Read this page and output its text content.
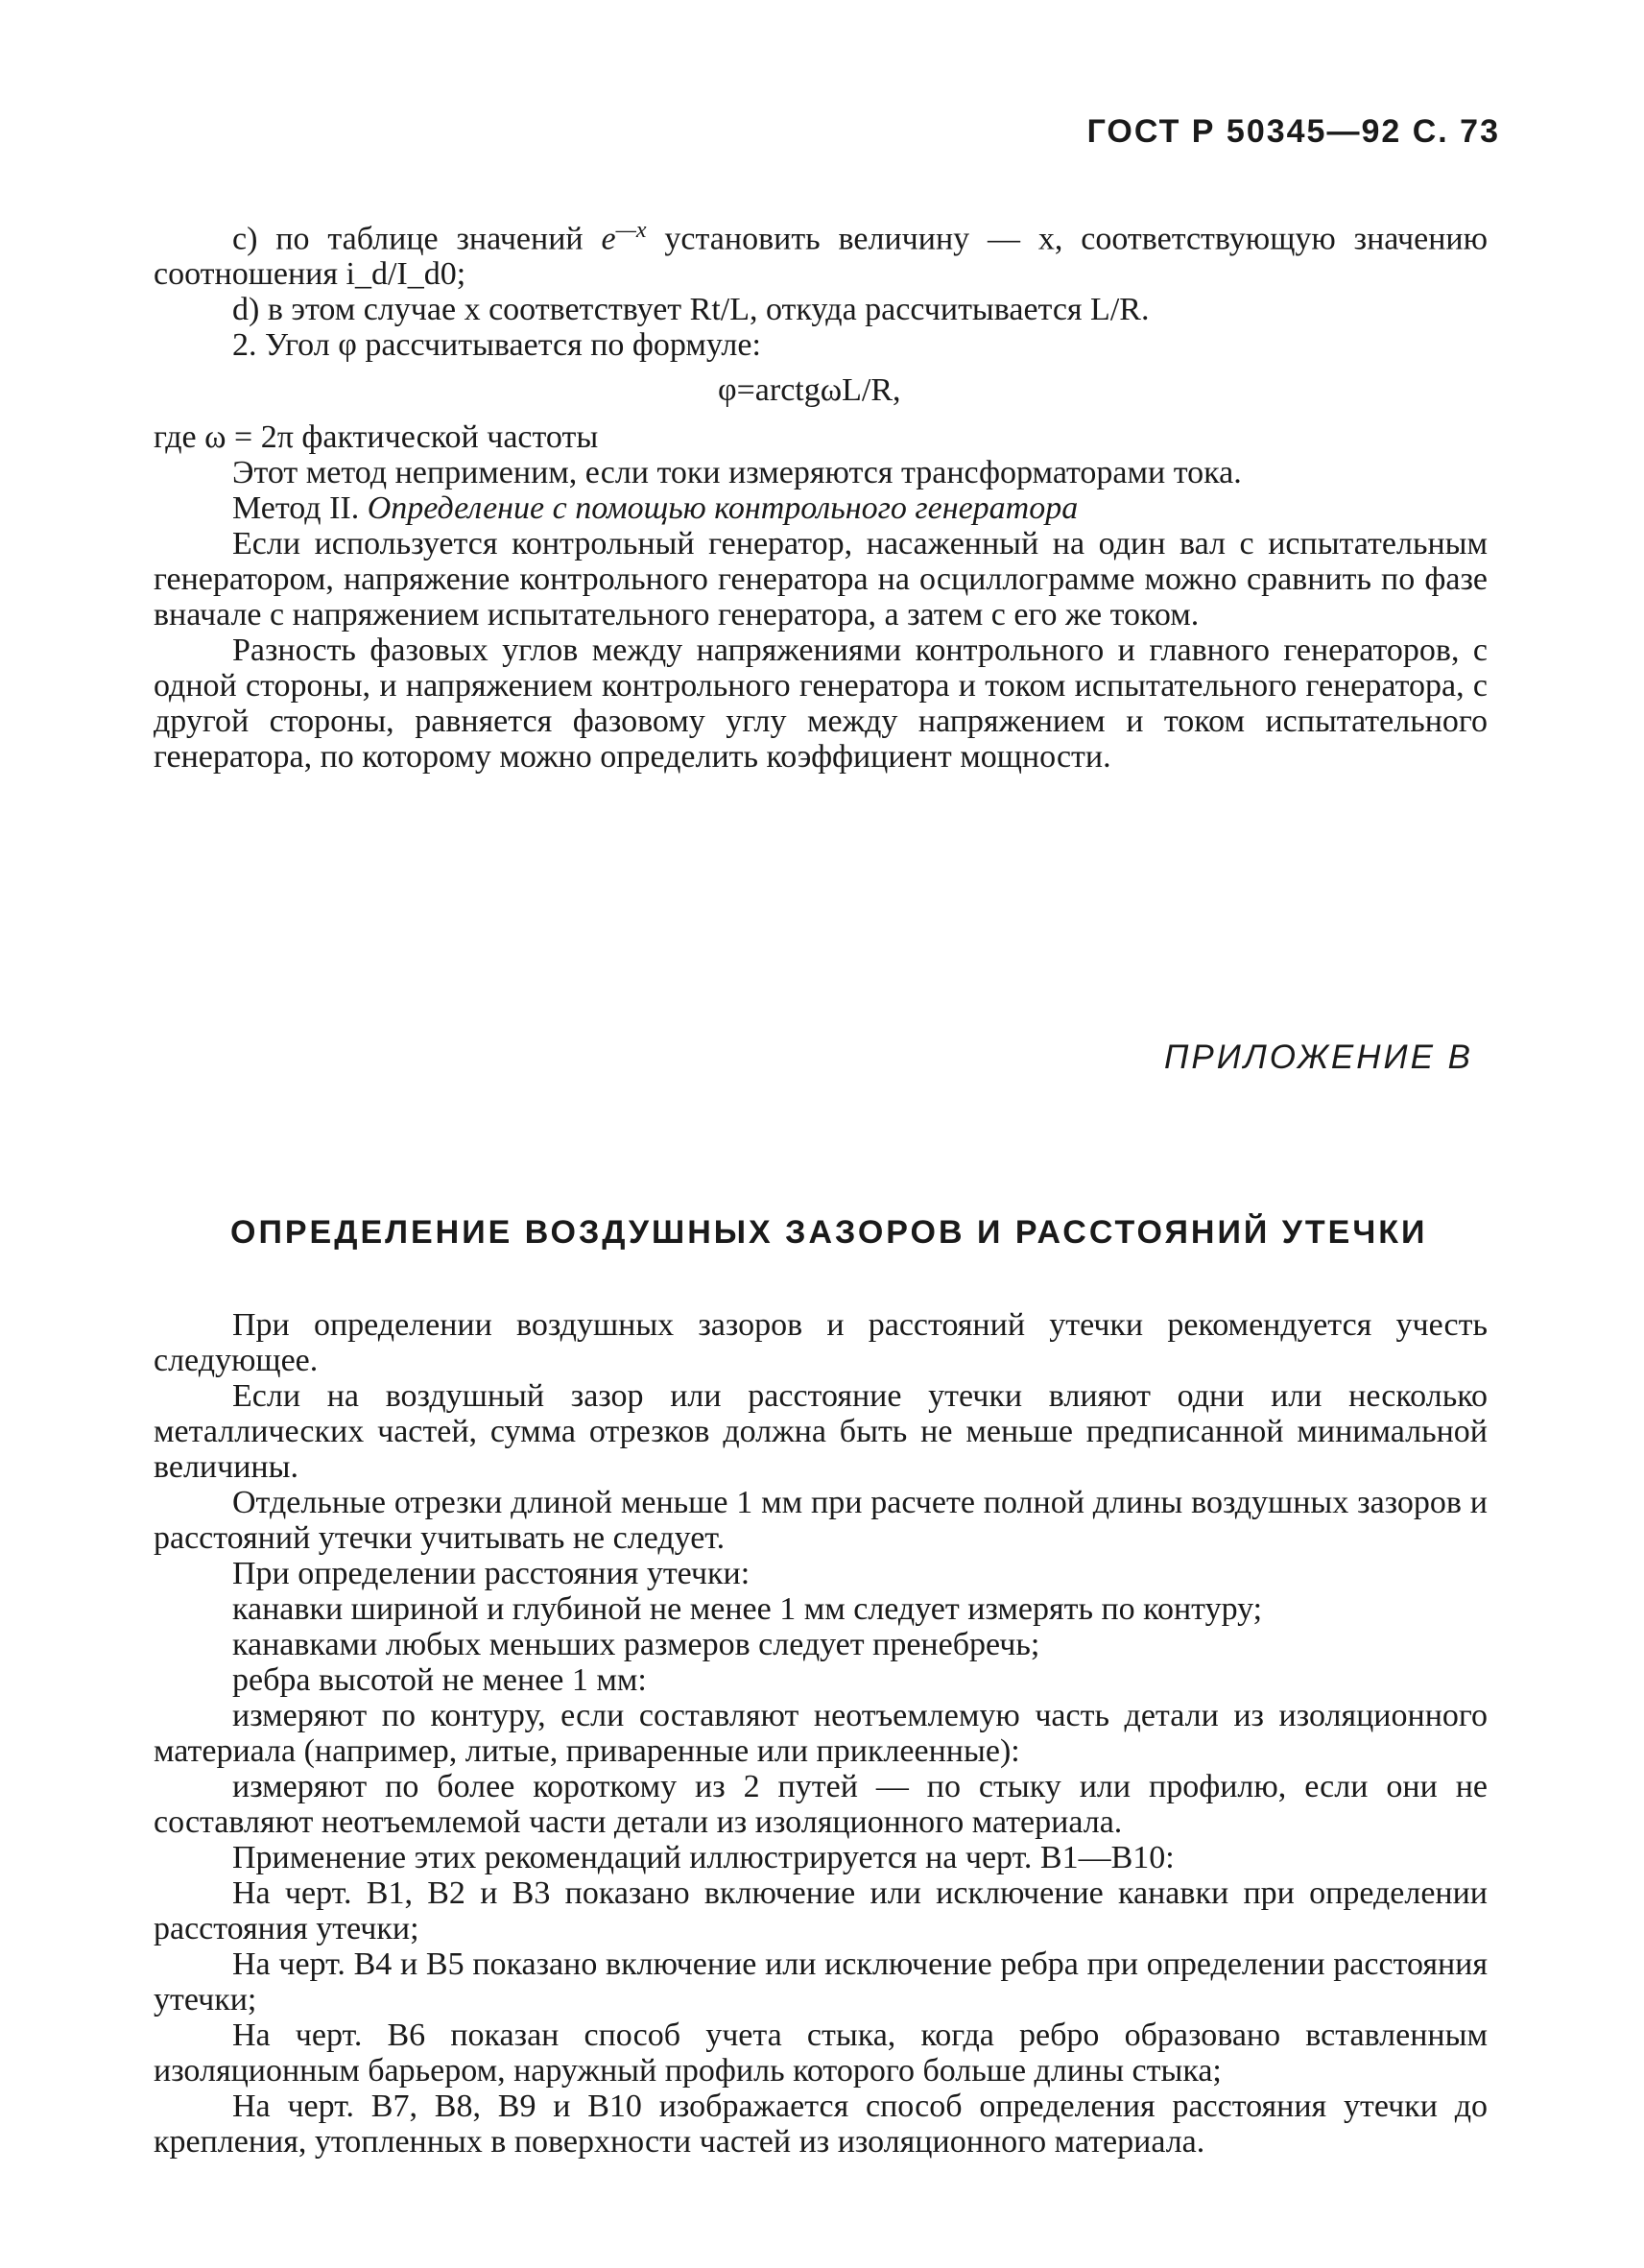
ГОСТ Р 50345—92 С. 73

c) по таблице значений $e^{—x}$ установить величину — x, соответствующую значению соотношения i_d/I_d0;

d) в этом случае x соответствует Rt/L, откуда рассчитывается L/R.

2. Угол φ рассчитывается по формуле:

φ=arctgωL/R,

где ω = 2π фактической частоты

Этот метод неприменим, если токи измеряются трансформаторами тока.

Метод II. Определение с помощью контрольного генератора

Если используется контрольный генератор, насаженный на один вал с испытательным генератором, напряжение контрольного генератора на осциллограмме можно сравнить по фазе вначале с напряжением испытательного генератора, а затем с его же током.

Разность фазовых углов между напряжениями контрольного и главного генераторов, с одной стороны, и напряжением контрольного генератора и током испытательного генератора, с другой стороны, равняется фазовому углу между напряжением и током испытательного генератора, по которому можно определить коэффициент мощности.

ПРИЛОЖЕНИЕ В
ОПРЕДЕЛЕНИЕ ВОЗДУШНЫХ ЗАЗОРОВ И РАССТОЯНИЙ УТЕЧКИ

При определении воздушных зазоров и расстояний утечки рекомендуется учесть следующее.

Если на воздушный зазор или расстояние утечки влияют одни или несколько металлических частей, сумма отрезков должна быть не меньше предписанной минимальной величины.

Отдельные отрезки длиной меньше 1 мм при расчете полной длины воздушных зазоров и расстояний утечки учитывать не следует.

При определении расстояния утечки:

канавки шириной и глубиной не менее 1 мм следует измерять по контуру;

канавками любых меньших размеров следует пренебречь;

ребра высотой не менее 1 мм:

измеряют по контуру, если составляют неотъемлемую часть детали из изоляционного материала (например, литые, приваренные или приклеенные):

измеряют по более короткому из 2 путей — по стыку или профилю, если они не составляют неотъемлемой части детали из изоляционного материала.

Применение этих рекомендаций иллюстрируется на черт. В1—В10:

На черт. В1, В2 и В3 показано включение или исключение канавки при определении расстояния утечки;

На черт. В4 и В5 показано включение или исключение ребра при определении расстояния утечки;

На черт. В6 показан способ учета стыка, когда ребро образовано вставленным изоляционным барьером, наружный профиль которого больше длины стыка;

На черт. В7, В8, В9 и В10 изображается способ определения расстояния утечки до крепления, утопленных в поверхности частей из изоляционного материала.
